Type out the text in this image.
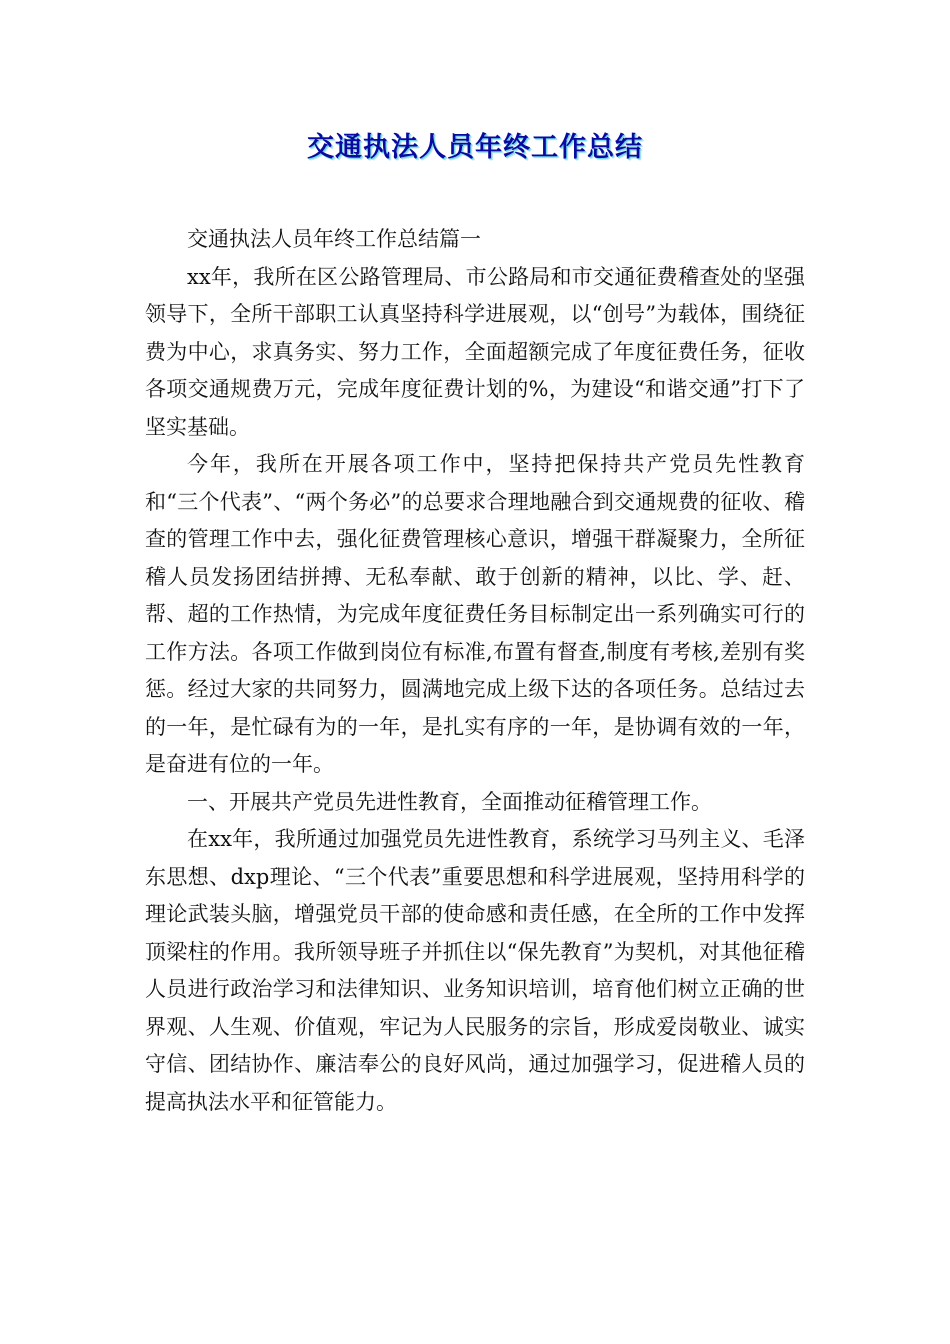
交通执法人员年终工作总结

交通执法人员年终工作总结篇一

xx年，我所在区公路管理局、市公路局和市交通征费稽查处的坚强领导下，全所干部职工认真坚持科学进展观，以“创号”为载体，围绕征费为中心，求真务实、努力工作，全面超额完成了年度征费任务，征收各项交通规费万元，完成年度征费计划的%，为建设“和谐交通”打下了坚实基础。

今年，我所在开展各项工作中，坚持把保持共产党员先性教育和“三个代表”、“两个务必”的总要求合理地融合到交通规费的征收、稽查的管理工作中去，强化征费管理核心意识，增强干群凝聚力，全所征稽人员发扬团结拼搏、无私奉献、敢于创新的精神，以比、学、赶、帮、超的工作热情，为完成年度征费任务目标制定出一系列确实可行的工作方法。各项工作做到岗位有标准,布置有督查,制度有考核,差别有奖惩。经过大家的共同努力，圆满地完成上级下达的各项任务。总结过去的一年，是忙碌有为的一年，是扎实有序的一年，是协调有效的一年，是奋进有位的一年。

一、开展共产党员先进性教育，全面推动征稽管理工作。

在xx年，我所通过加强党员先进性教育，系统学习马列主义、毛泽东思想、dxp理论、“三个代表”重要思想和科学进展观，坚持用科学的理论武装头脑，增强党员干部的使命感和责任感，在全所的工作中发挥顶梁柱的作用。我所领导班子并抓住以“保先教育”为契机，对其他征稽人员进行政治学习和法律知识、业务知识培训，培育他们树立正确的世界观、人生观、价值观，牢记为人民服务的宗旨，形成爱岗敬业、诚实守信、团结协作、廉洁奉公的良好风尚，通过加强学习，促进稽人员的提高执法水平和征管能力。
